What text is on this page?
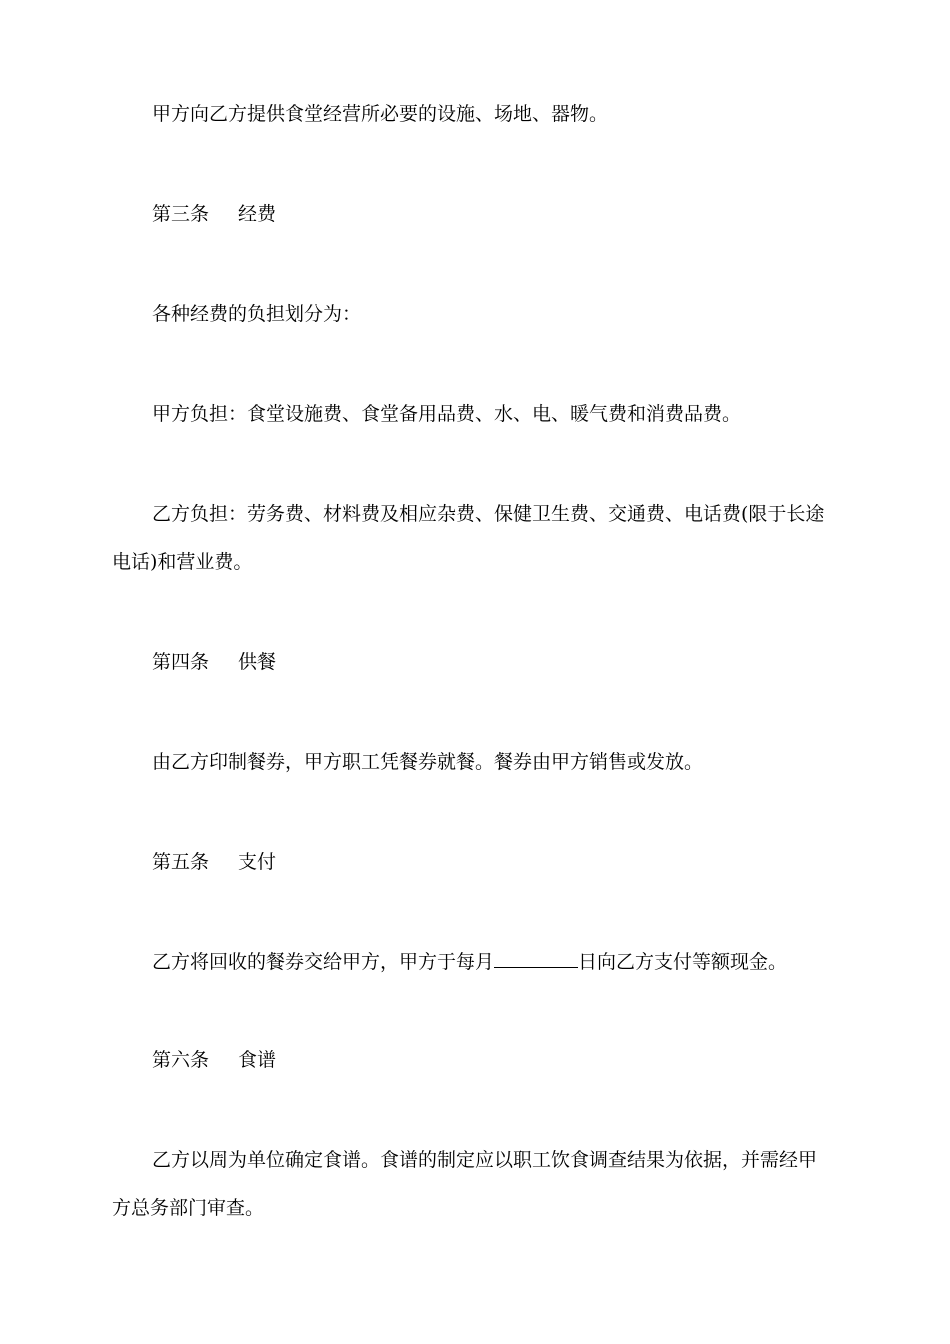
甲方向乙方提供食堂经营所必要的设施、场地、器物。
第三条 经费
各种经费的负担划分为：
甲方负担：食堂设施费、食堂备用品费、水、电、暖气费和消费品费。
乙方负担：劳务费、材料费及相应杂费、保健卫生费、交通费、电话费(限于长途
电话)和营业费。
第四条 供餐
由乙方印制餐券，甲方职工凭餐券就餐。餐券由甲方销售或发放。
第五条 支付
乙方将回收的餐券交给甲方，甲方于每月	日向乙方支付等额现金。
第六条 食谱
乙方以周为单位确定食谱。食谱的制定应以职工饮食调查结果为依据，并需经甲
方总务部门审查。
